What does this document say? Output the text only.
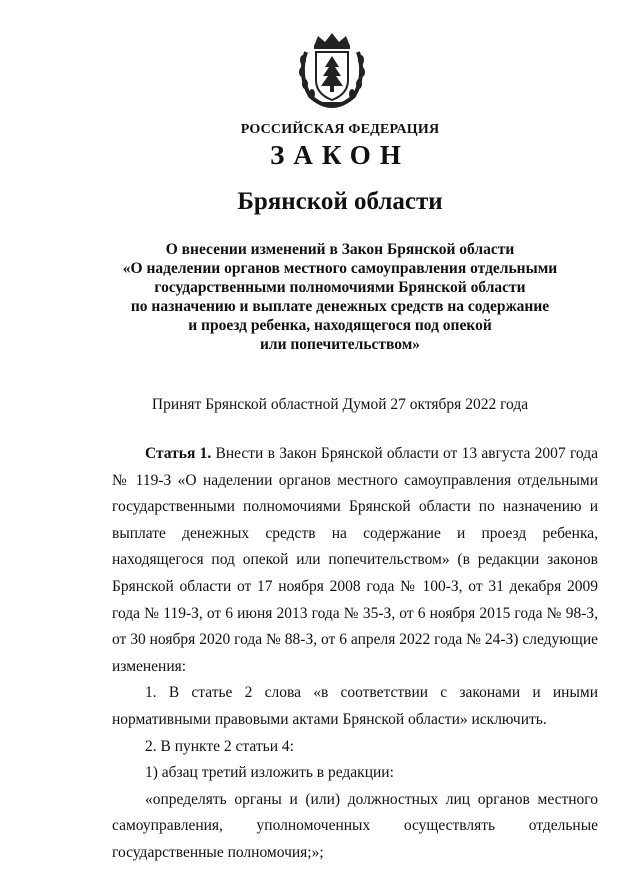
РОССИЙСКАЯ ФЕДЕРАЦИЯ
ЗАКОН
Брянской области
О внесении изменений в Закон Брянской области
«О наделении органов местного самоуправления отдельными
государственными полномочиями Брянской области
по назначению и выплате денежных средств на содержание
и проезд ребенка, находящегося под опекой
или попечительством»
Принят Брянской областной Думой 27 октября 2022 года

Статья 1. Внести в Закон Брянской области от 13 августа 2007 года № 119-З «О наделении органов местного самоуправления отдельными государственными полномочиями Брянской области по назначению и выплате денежных средств на содержание и проезд ребенка, находящегося под опекой или попечительством» (в редакции законов Брянской области от 17 ноября 2008 года № 100-З, от 31 декабря 2009 года № 119-З, от 6 июня 2013 года № 35-З, от 6 ноября 2015 года № 98-З, от 30 ноября 2020 года № 88-З, от 6 апреля 2022 года № 24-З) следующие изменения:

1. В статье 2 слова «в соответствии с законами и иными нормативными правовыми актами Брянской области» исключить.

2. В пункте 2 статьи 4:

1) абзац третий изложить в редакции:

«определять органы и (или) должностных лиц органов местного самоуправления, уполномоченных осуществлять отдельные государственные полномочия;»;
